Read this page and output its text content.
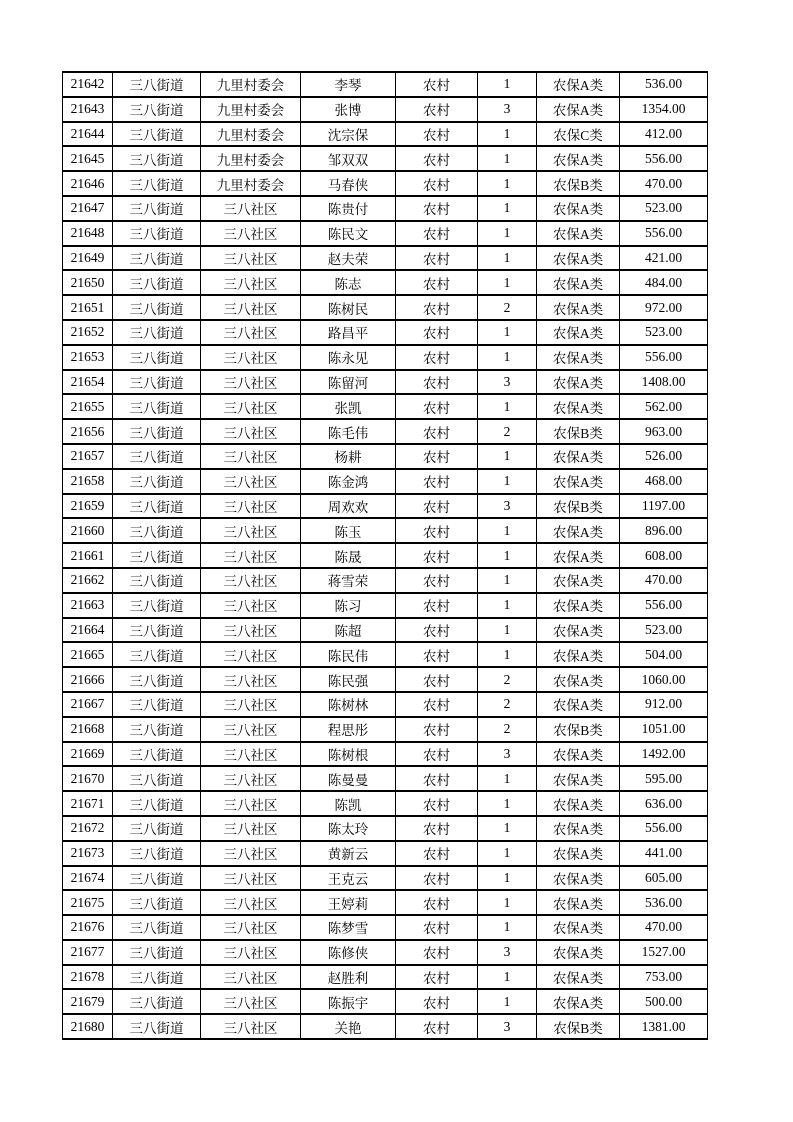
21642	三八街道	九里村委会	李琴	农村	1	农保A类	536.00
21643	三八街道	九里村委会	张博	农村	3	农保A类	1354.00
21644	三八街道	九里村委会	沈宗保	农村	1	农保C类	412.00
21645	三八街道	九里村委会	邹双双	农村	1	农保A类	556.00
21646	三八街道	九里村委会	马春侠	农村	1	农保B类	470.00
21647	三八街道	三八社区	陈贵付	农村	1	农保A类	523.00
21648	三八街道	三八社区	陈民文	农村	1	农保A类	556.00
21649	三八街道	三八社区	赵夫荣	农村	1	农保A类	421.00
21650	三八街道	三八社区	陈志	农村	1	农保A类	484.00
21651	三八街道	三八社区	陈树民	农村	2	农保A类	972.00
21652	三八街道	三八社区	路昌平	农村	1	农保A类	523.00
21653	三八街道	三八社区	陈永见	农村	1	农保A类	556.00
21654	三八街道	三八社区	陈留河	农村	3	农保A类	1408.00
21655	三八街道	三八社区	张凯	农村	1	农保A类	562.00
21656	三八街道	三八社区	陈毛伟	农村	2	农保B类	963.00
21657	三八街道	三八社区	杨耕	农村	1	农保A类	526.00
21658	三八街道	三八社区	陈金鸿	农村	1	农保A类	468.00
21659	三八街道	三八社区	周欢欢	农村	3	农保B类	1197.00
21660	三八街道	三八社区	陈玉	农村	1	农保A类	896.00
21661	三八街道	三八社区	陈晟	农村	1	农保A类	608.00
21662	三八街道	三八社区	蒋雪荣	农村	1	农保A类	470.00
21663	三八街道	三八社区	陈习	农村	1	农保A类	556.00
21664	三八街道	三八社区	陈超	农村	1	农保A类	523.00
21665	三八街道	三八社区	陈民伟	农村	1	农保A类	504.00
21666	三八街道	三八社区	陈民强	农村	2	农保A类	1060.00
21667	三八街道	三八社区	陈树林	农村	2	农保A类	912.00
21668	三八街道	三八社区	程思彤	农村	2	农保B类	1051.00
21669	三八街道	三八社区	陈树根	农村	3	农保A类	1492.00
21670	三八街道	三八社区	陈曼曼	农村	1	农保A类	595.00
21671	三八街道	三八社区	陈凯	农村	1	农保A类	636.00
21672	三八街道	三八社区	陈太玲	农村	1	农保A类	556.00
21673	三八街道	三八社区	黄新云	农村	1	农保A类	441.00
21674	三八街道	三八社区	王克云	农村	1	农保A类	605.00
21675	三八街道	三八社区	王婷莉	农村	1	农保A类	536.00
21676	三八街道	三八社区	陈梦雪	农村	1	农保A类	470.00
21677	三八街道	三八社区	陈修侠	农村	3	农保A类	1527.00
21678	三八街道	三八社区	赵胜利	农村	1	农保A类	753.00
21679	三八街道	三八社区	陈振宇	农村	1	农保A类	500.00
21680	三八街道	三八社区	关艳	农村	3	农保B类	1381.00
